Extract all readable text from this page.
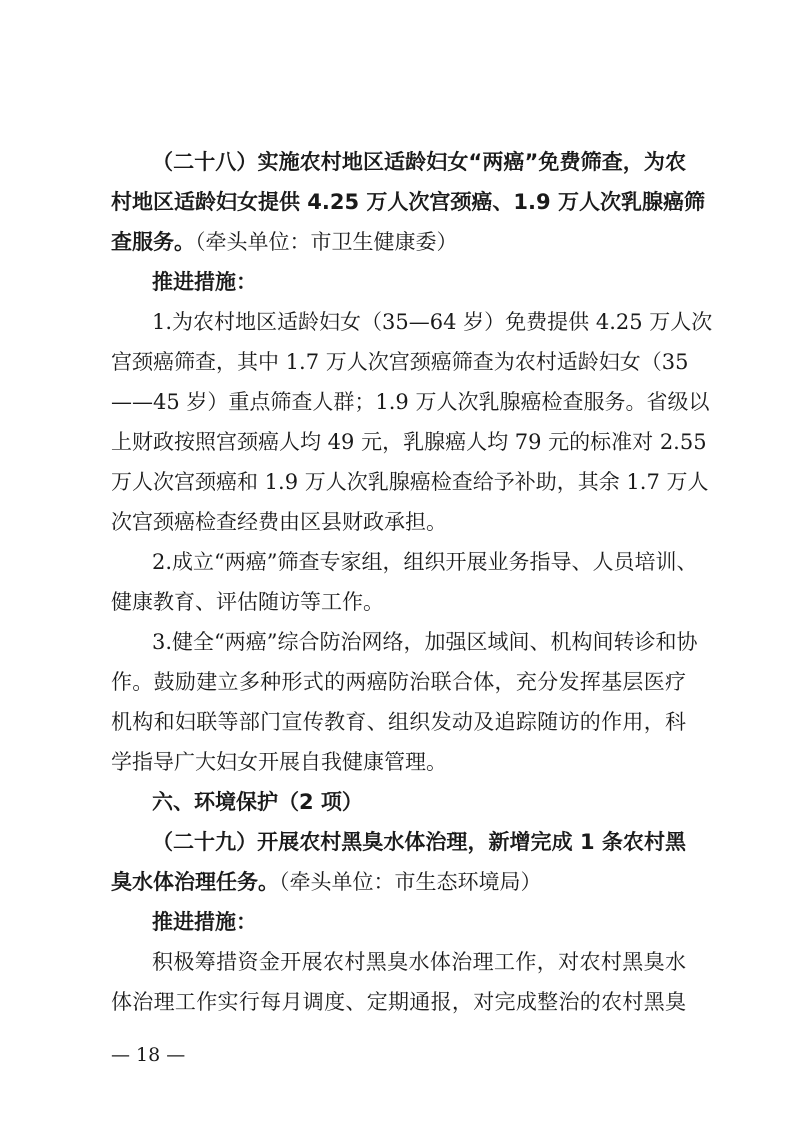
（二十八）实施农村地区适龄妇女“两癌”免费筛查，为农
村地区适龄妇女提供 4.25 万人次宫颈癌、1.9 万人次乳腺癌筛
查服务。（牵头单位：市卫生健康委）
推进措施：
1.为农村地区适龄妇女（35—64 岁）免费提供 4.25 万人次
宫颈癌筛查，其中 1.7 万人次宫颈癌筛查为农村适龄妇女（35
——45 岁）重点筛查人群；1.9 万人次乳腺癌检查服务。省级以
上财政按照宫颈癌人均 49 元，乳腺癌人均 79 元的标准对 2.55
万人次宫颈癌和 1.9 万人次乳腺癌检查给予补助，其余 1.7 万人
次宫颈癌检查经费由区县财政承担。
2.成立“两癌”筛查专家组，组织开展业务指导、人员培训、
健康教育、评估随访等工作。
3.健全“两癌”综合防治网络，加强区域间、机构间转诊和协
作。鼓励建立多种形式的两癌防治联合体，充分发挥基层医疗
机构和妇联等部门宣传教育、组织发动及追踪随访的作用，科
学指导广大妇女开展自我健康管理。
六、环境保护（2 项）
（二十九）开展农村黑臭水体治理，新增完成 1 条农村黑
臭水体治理任务。（牵头单位：市生态环境局）
推进措施：
积极筹措资金开展农村黑臭水体治理工作，对农村黑臭水
体治理工作实行每月调度、定期通报，对完成整治的农村黑臭
— 18 —
